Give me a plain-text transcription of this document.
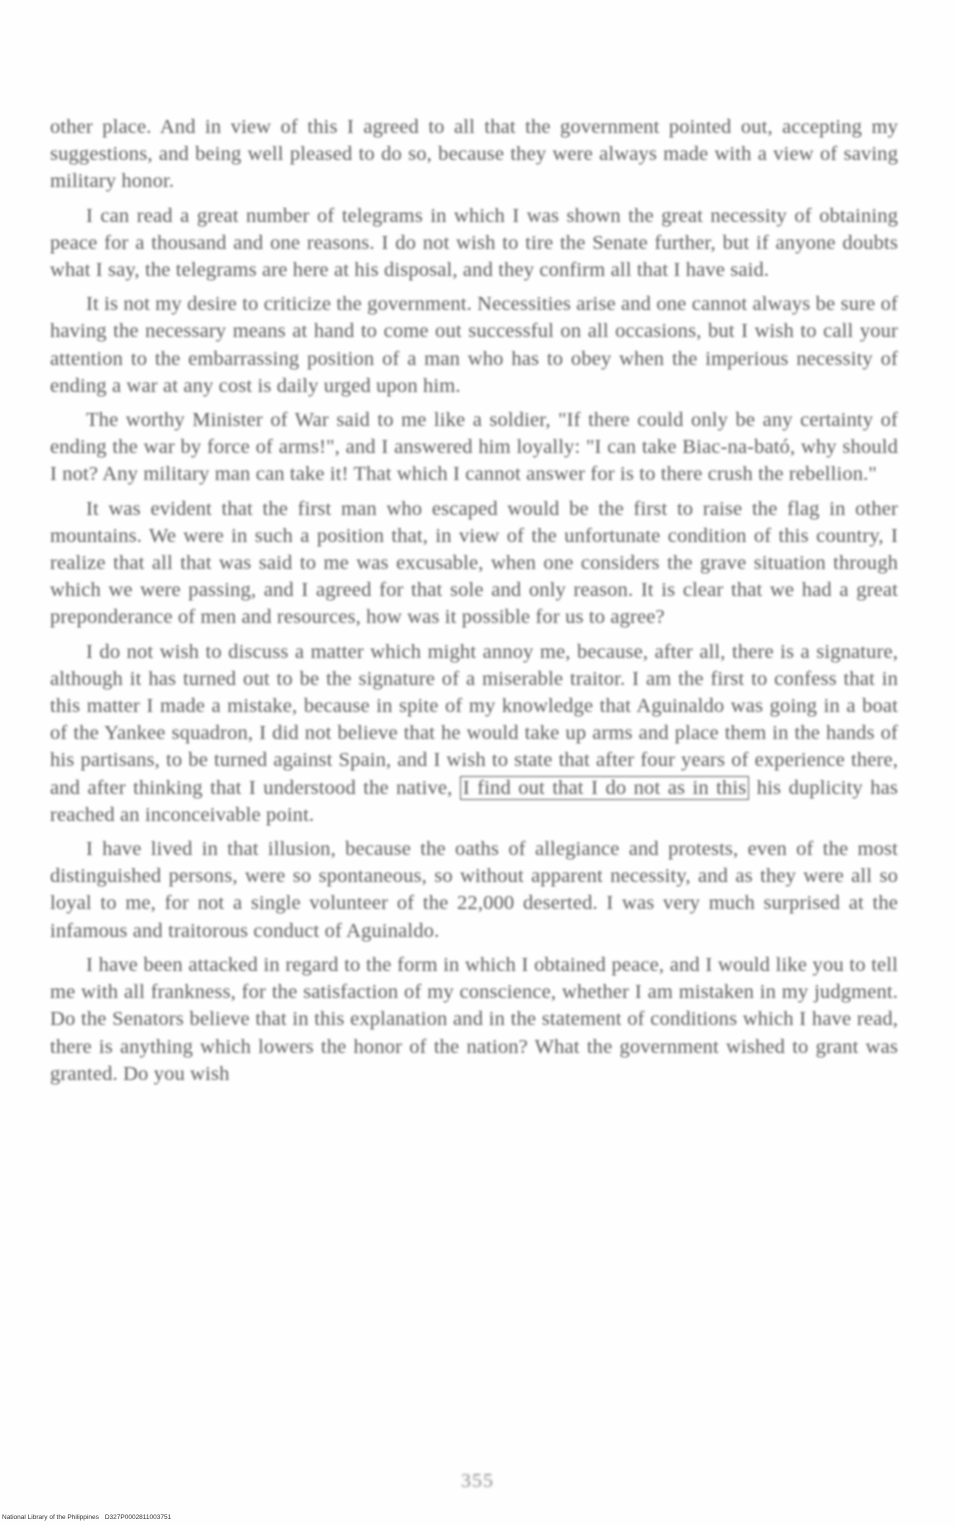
other place. And in view of this I agreed to all that the government pointed out, accepting my suggestions, and being well pleased to do so, because they were always made with a view of saving military honor.

I can read a great number of telegrams in which I was shown the great necessity of obtaining peace for a thousand and one reasons. I do not wish to tire the Senate further, but if anyone doubts what I say, the telegrams are here at his disposal, and they confirm all that I have said.

It is not my desire to criticize the government. Necessities arise and one cannot always be sure of having the necessary means at hand to come out successful on all occasions, but I wish to call your attention to the embarrassing position of a man who has to obey when the imperious necessity of ending a war at any cost is daily urged upon him.

The worthy Minister of War said to me like a soldier, "If there could only be any certainty of ending the war by force of arms!", and I answered him loyally: "I can take Biac-na-bató, why should I not? Any military man can take it! That which I cannot answer for is to there crush the rebellion."

It was evident that the first man who escaped would be the first to raise the flag in other mountains. We were in such a position that, in view of the unfortunate condition of this country, I realize that all that was said to me was excusable, when one considers the grave situation through which we were passing, and I agreed for that sole and only reason. It is clear that we had a great preponderance of men and resources, how was it possible for us to agree?

I do not wish to discuss a matter which might annoy me, because, after all, there is a signature, although it has turned out to be the signature of a miserable traitor. I am the first to confess that in this matter I made a mistake, because in spite of my knowledge that Aguinaldo was going in a boat of the Yankee squadron, I did not believe that he would take up arms and place them in the hands of his partisans, to be turned against Spain, and I wish to state that after four years of experience there, and after thinking that I understood the native, I find out that I do not as in this his duplicity has reached an inconceivable point.

I have lived in that illusion, because the oaths of allegiance and protests, even of the most distinguished persons, were so spontaneous, so without apparent necessity, and as they were all so loyal to me, for not a single volunteer of the 22,000 deserted. I was very much surprised at the infamous and traitorous conduct of Aguinaldo.

I have been attacked in regard to the form in which I obtained peace, and I would like you to tell me with all frankness, for the satisfaction of my conscience, whether I am mistaken in my judgment. Do the Senators believe that in this explanation and in the statement of conditions which I have read, there is anything which lowers the honor of the nation? What the government wished to grant was granted. Do you wish

355
National Library of the Philippines D327P0002811003751
